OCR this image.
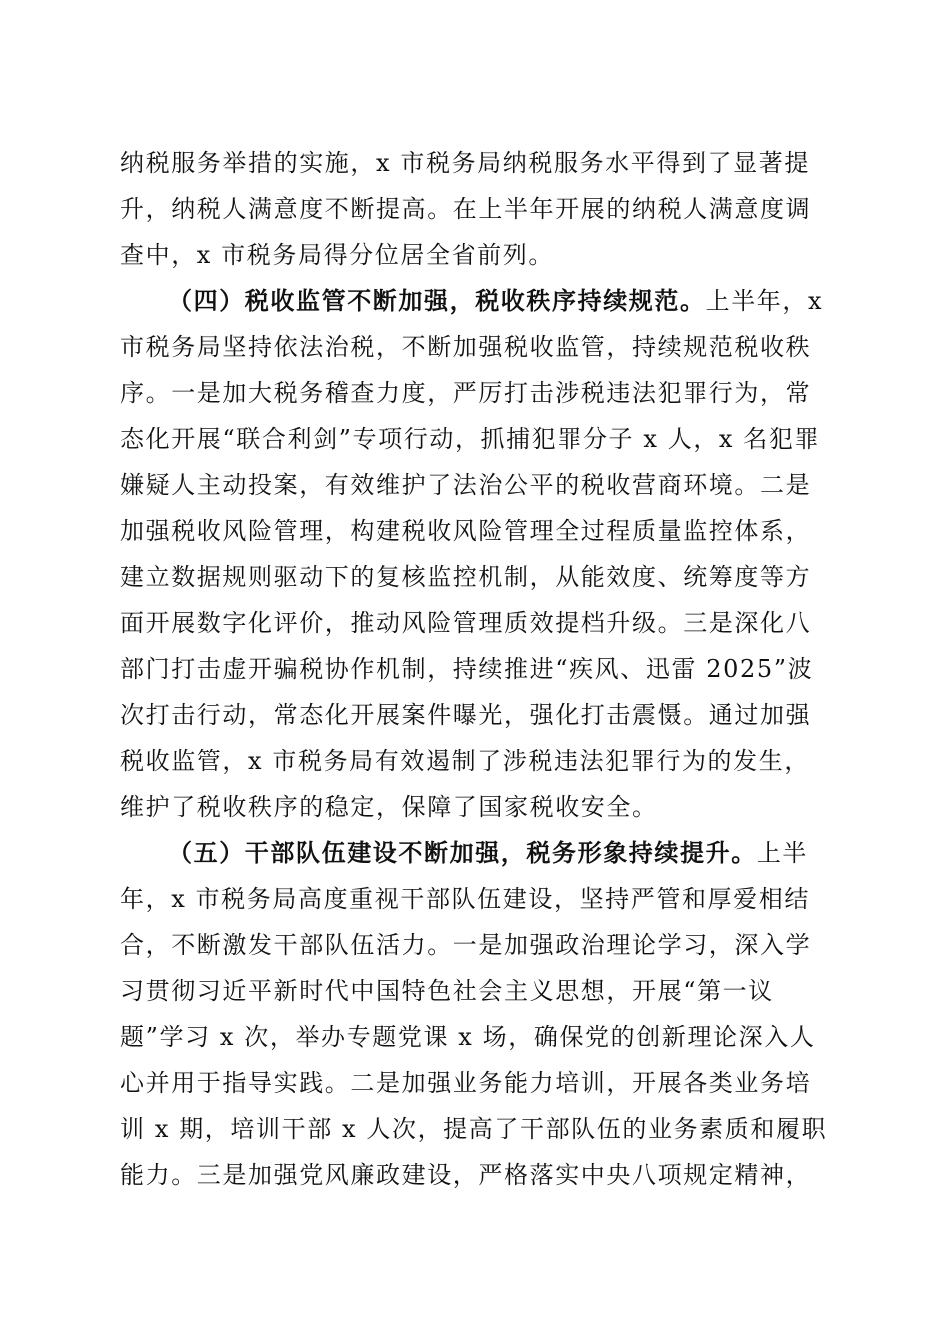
纳税服务举措的实施，x 市税务局纳税服务水平得到了显著提
升，纳税人满意度不断提高。在上半年开展的纳税人满意度调
查中，x 市税务局得分位居全省前列。
（四）税收监管不断加强，税收秩序持续规范。上半年，x
市税务局坚持依法治税，不断加强税收监管，持续规范税收秩
序。一是加大税务稽查力度，严厉打击涉税违法犯罪行为，常
态化开展“联合利剑”专项行动，抓捕犯罪分子 x 人，x 名犯罪
嫌疑人主动投案，有效维护了法治公平的税收营商环境。二是
加强税收风险管理，构建税收风险管理全过程质量监控体系，
建立数据规则驱动下的复核监控机制，从能效度、统筹度等方
面开展数字化评价，推动风险管理质效提档升级。三是深化八
部门打击虚开骗税协作机制，持续推进“疾风、迅雷 2025”波
次打击行动，常态化开展案件曝光，强化打击震慑。通过加强
税收监管，x 市税务局有效遏制了涉税违法犯罪行为的发生，
维护了税收秩序的稳定，保障了国家税收安全。
（五）干部队伍建设不断加强，税务形象持续提升。上半
年，x 市税务局高度重视干部队伍建设，坚持严管和厚爱相结
合，不断激发干部队伍活力。一是加强政治理论学习，深入学
习贯彻习近平新时代中国特色社会主义思想，开展“第一议
题”学习 x 次，举办专题党课 x 场，确保党的创新理论深入人
心并用于指导实践。二是加强业务能力培训，开展各类业务培
训 x 期，培训干部 x 人次，提高了干部队伍的业务素质和履职
能力。三是加强党风廉政建设，严格落实中央八项规定精神，
